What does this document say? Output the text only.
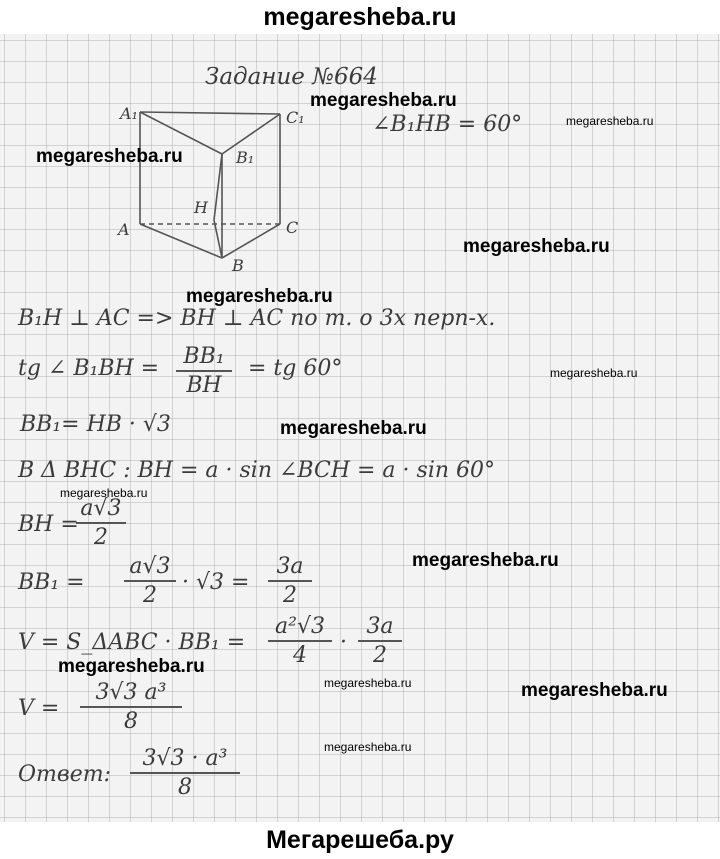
megaresheba.ru
Задание №664
∠B₁HB = 60°
A₁	C₁
B₁
H
A	C
B
B₁H ⊥ AC => BH ⊥ AC по т. о 3х перп-х.
tg ∠ B₁BH =	BB₁
BH
= tg 60°
BB₁= HB · √3
B Δ BHC : BH = a · sin ∠BCH = a · sin 60°
BH =
a√3
2
BB₁ =
a√3
2
· √3 =
3a
2
V = S_ΔABC · BB₁ =
a²√3
4
·
3a
2
V =
3√3 a³
8
Ответ:
3√3 · a³
8
megaresheba.ru
megaresheba.ru
megaresheba.ru
megaresheba.ru
megaresheba.ru
megaresheba.ru
megaresheba.ru
megaresheba.ru
megaresheba.ru
megaresheba.ru
megaresheba.ru	megaresheba.ru
megaresheba.ru
Мегарешеба.ру
